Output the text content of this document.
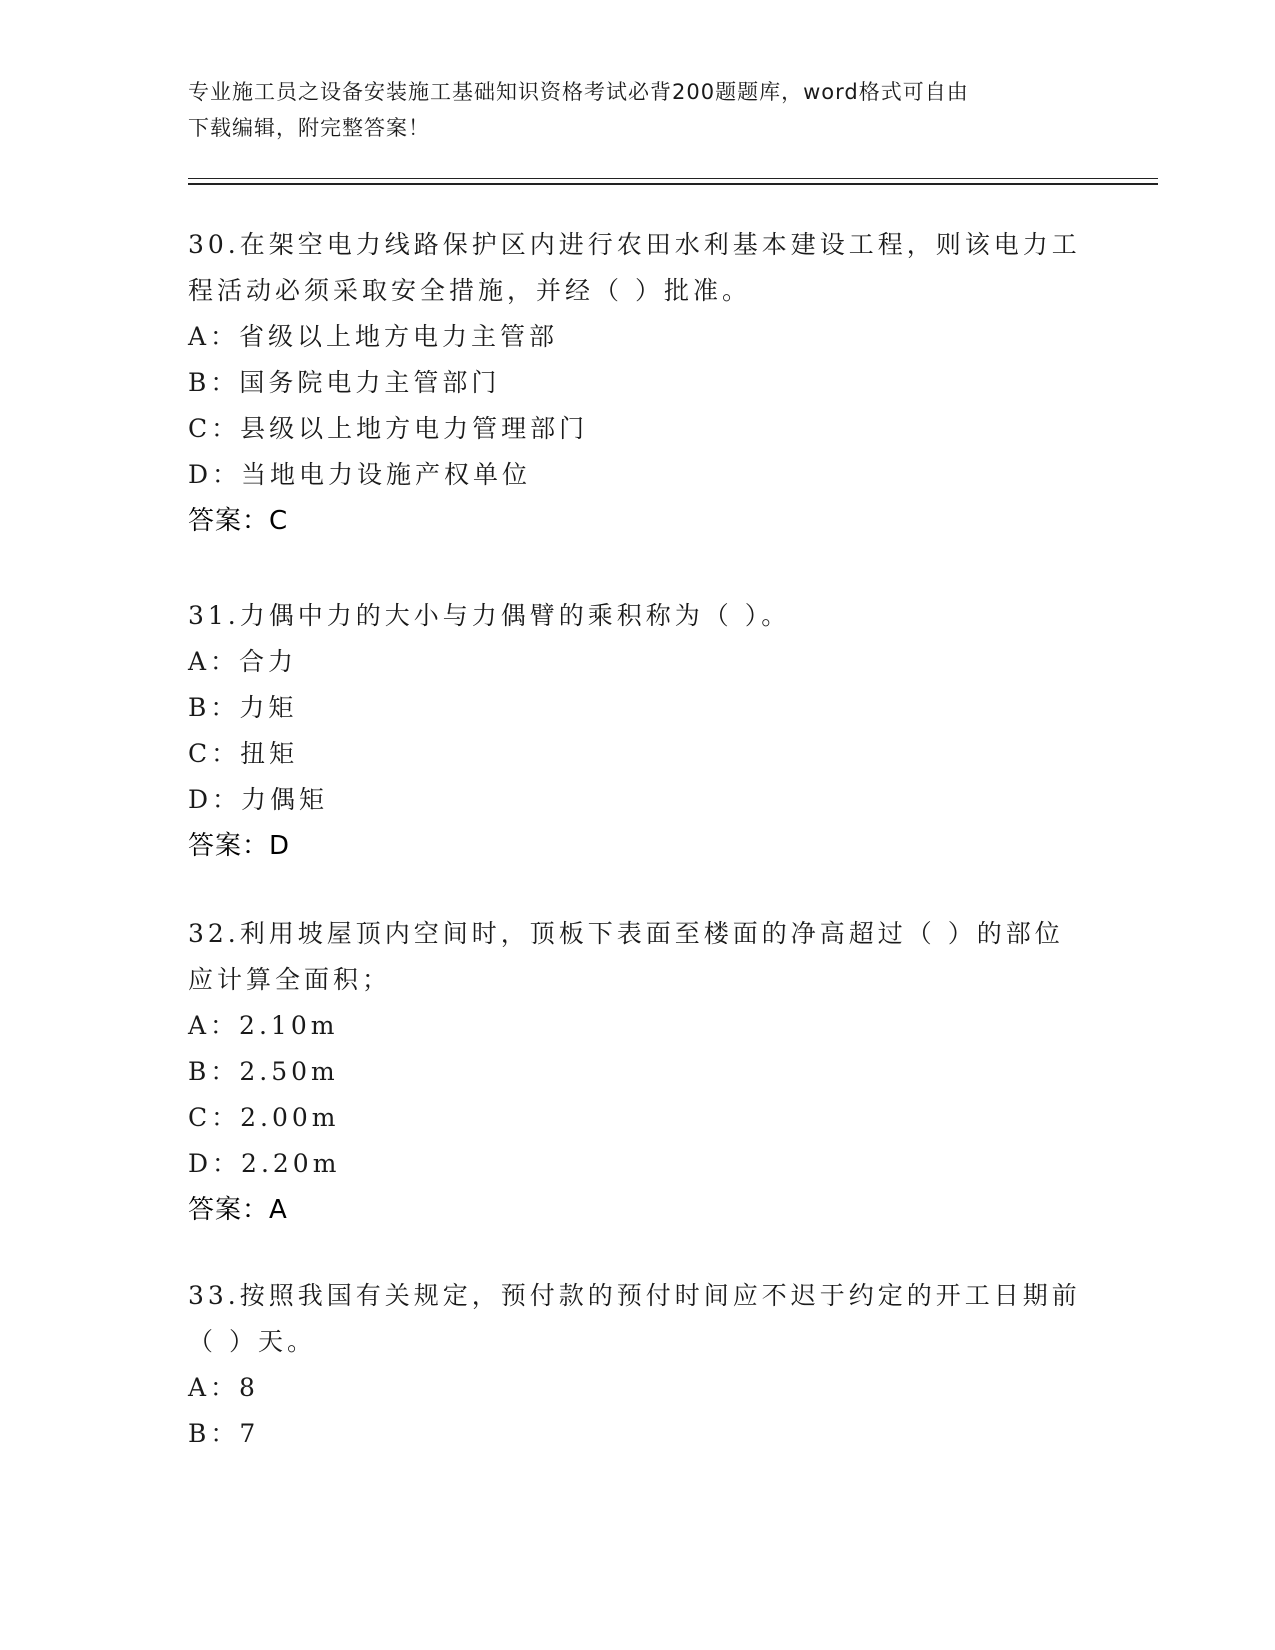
专业施工员之设备安装施工基础知识资格考试必背200题题库，word格式可自由
下载编辑，附完整答案！

30.在架空电力线路保护区内进行农田水利基本建设工程，则该电力工

程活动必须采取安全措施，并经（ ）批准。

A：省级以上地方电力主管部

B：国务院电力主管部门

C：县级以上地方电力管理部门

D：当地电力设施产权单位

答案：C

31.力偶中力的大小与力偶臂的乘积称为（ ）。

A：合力

B：力矩

C：扭矩

D：力偶矩

答案：D

32.利用坡屋顶内空间时，顶板下表面至楼面的净高超过（ ）的部位

应计算全面积；

A：2.10m

B：2.50m

C：2.00m

D：2.20m

答案：A

33.按照我国有关规定，预付款的预付时间应不迟于约定的开工日期前

（ ）天。

A：8

B：7
